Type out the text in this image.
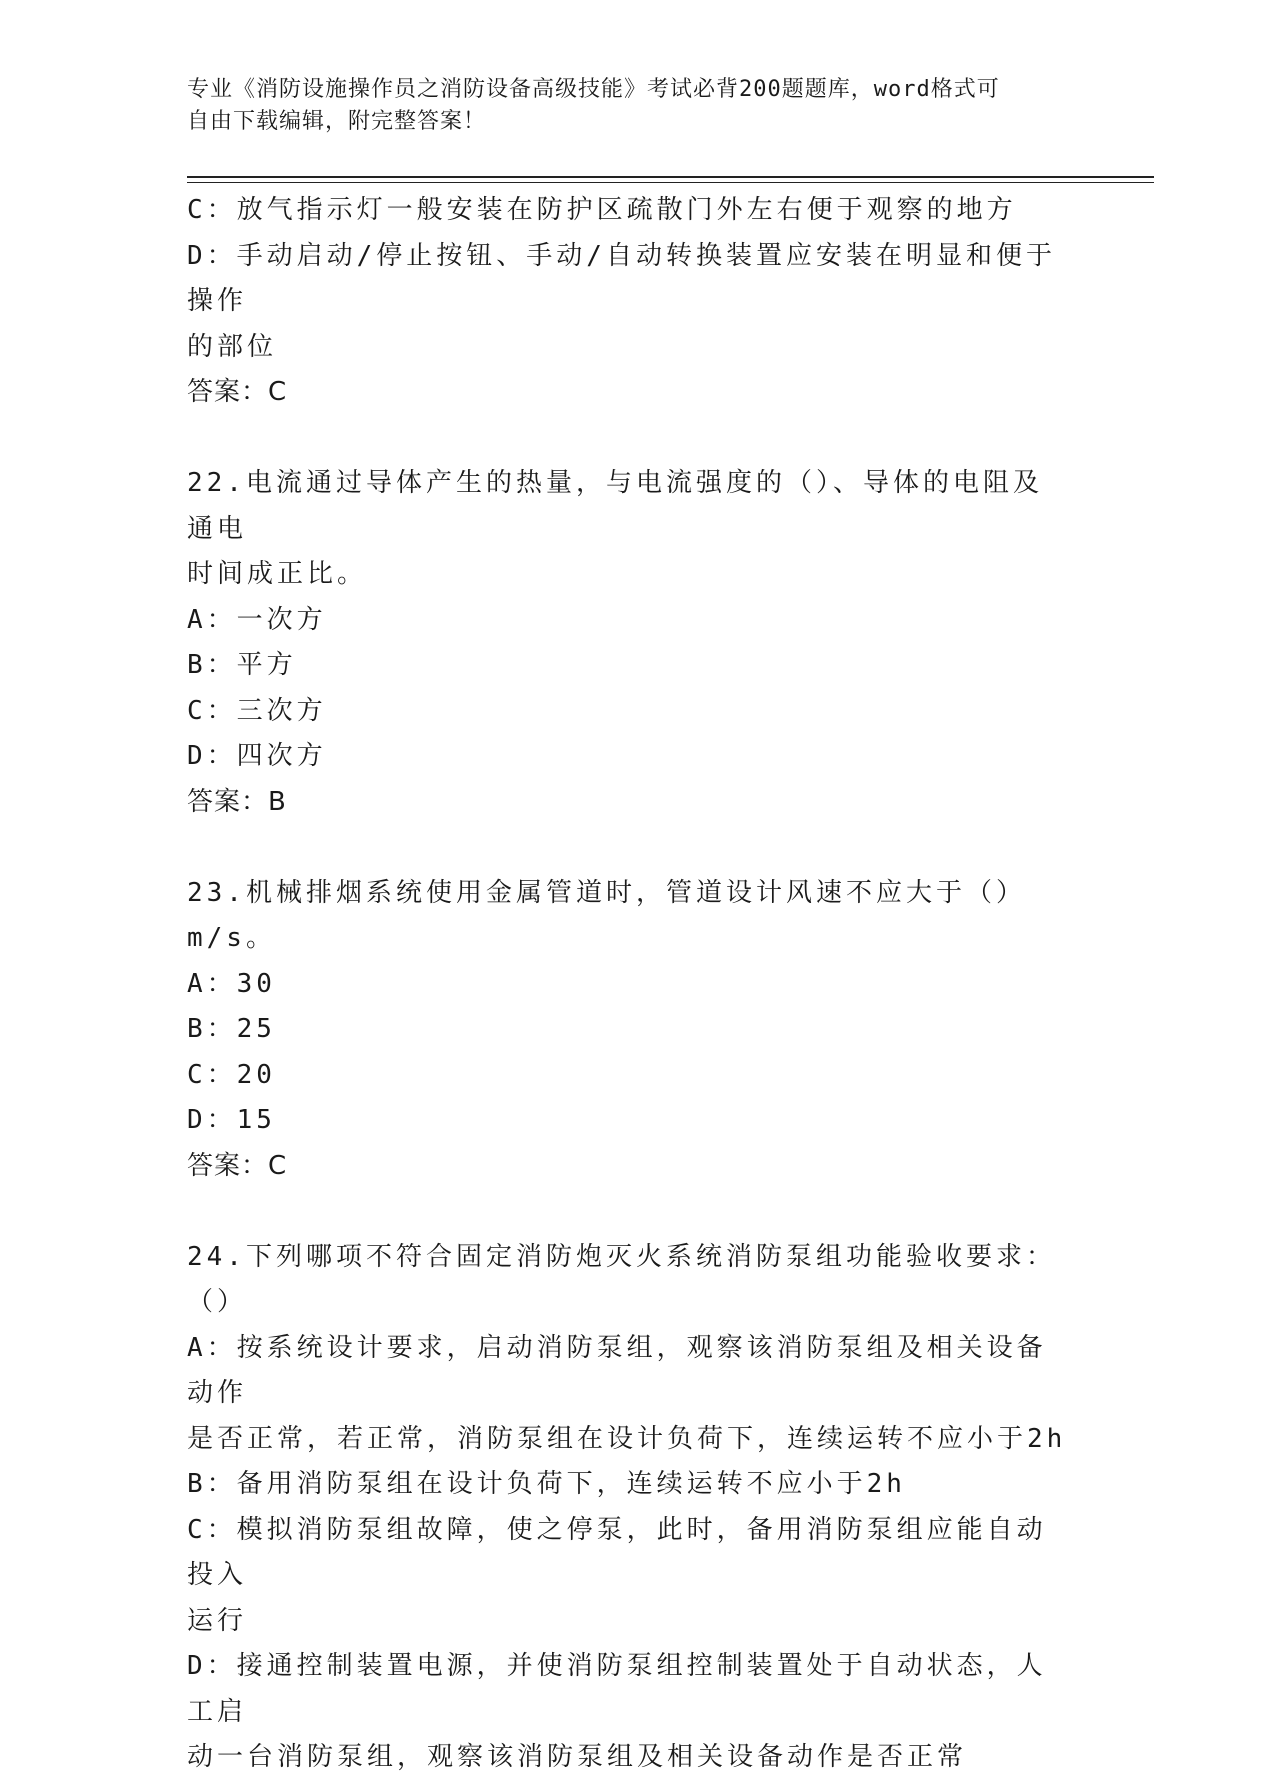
专业《消防设施操作员之消防设备高级技能》考试必背200题题库，word格式可
自由下载编辑，附完整答案！

C：放气指示灯一般安装在防护区疏散门外左右便于观察的地方

D：手动启动/停止按钮、手动/自动转换装置应安装在明显和便于操作

的部位

答案：C

22.电流通过导体产生的热量，与电流强度的（）、导体的电阻及通电

时间成正比。

A：一次方

B：平方

C：三次方

D：四次方

答案：B

23.机械排烟系统使用金属管道时，管道设计风速不应大于（）m/s。

A：30

B：25

C：20

D：15

答案：C

24.下列哪项不符合固定消防炮灭火系统消防泵组功能验收要求：（）

A：按系统设计要求，启动消防泵组，观察该消防泵组及相关设备动作

是否正常，若正常，消防泵组在设计负荷下，连续运转不应小于2h

B：备用消防泵组在设计负荷下，连续运转不应小于2h

C：模拟消防泵组故障，使之停泵，此时，备用消防泵组应能自动投入

运行

D：接通控制装置电源，并使消防泵组控制装置处于自动状态，人工启

动一台消防泵组，观察该消防泵组及相关设备动作是否正常
